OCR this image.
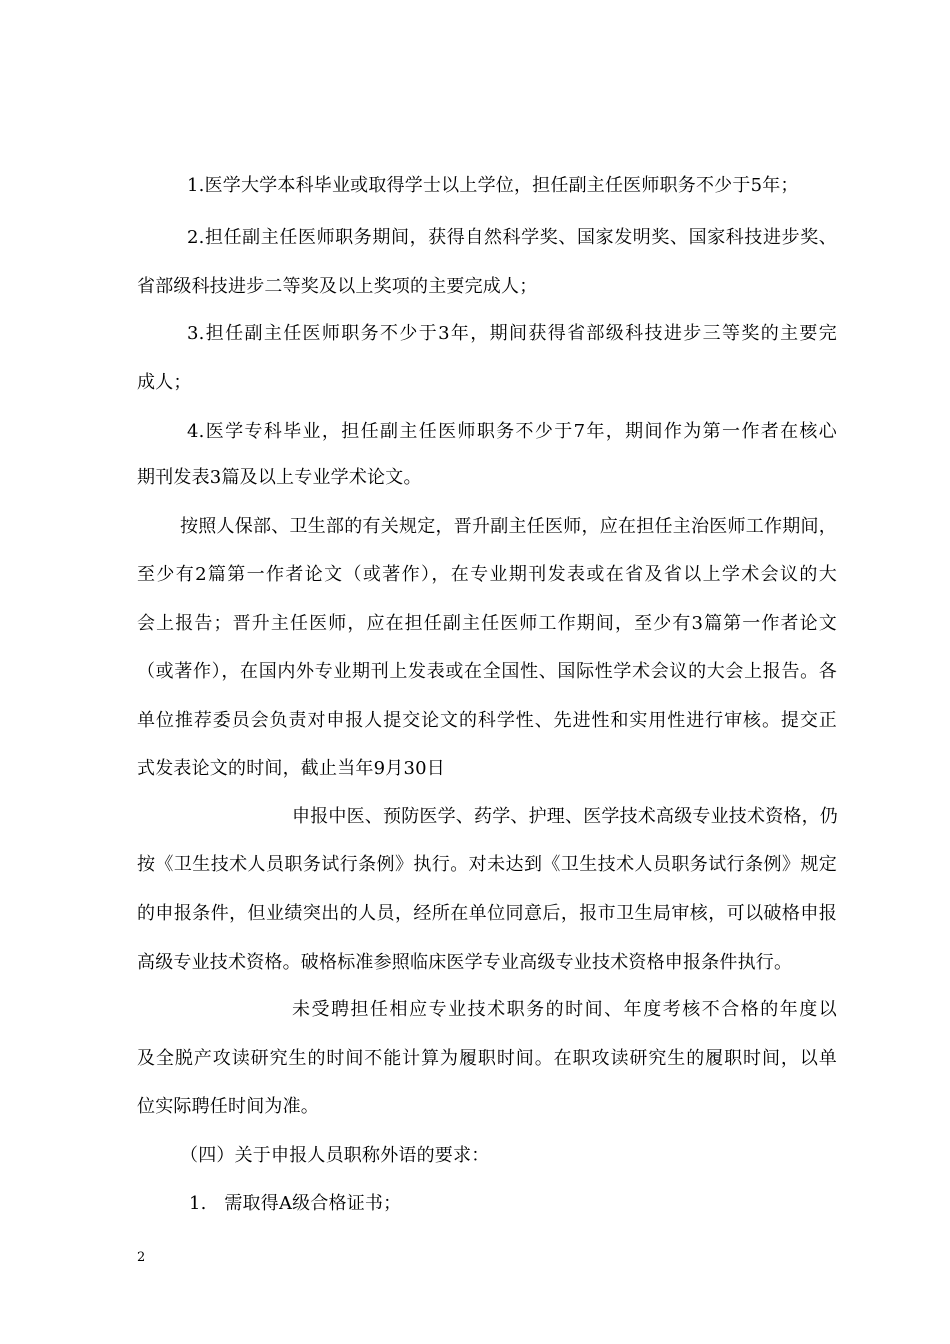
1.医学大学本科毕业或取得学士以上学位，担任副主任医师职务不少于5年；
2.担任副主任医师职务期间，获得自然科学奖、国家发明奖、国家科技进步奖、
省部级科技进步二等奖及以上奖项的主要完成人；
3.担任副主任医师职务不少于3年，期间获得省部级科技进步三等奖的主要完
成人；
4.医学专科毕业，担任副主任医师职务不少于7年，期间作为第一作者在核心
期刊发表3篇及以上专业学术论文。
按照人保部、卫生部的有关规定，晋升副主任医师，应在担任主治医师工作期间，
至少有2篇第一作者论文（或著作），在专业期刊发表或在省及省以上学术会议的大
会上报告；晋升主任医师，应在担任副主任医师工作期间，至少有3篇第一作者论文
（或著作），在国内外专业期刊上发表或在全国性、国际性学术会议的大会上报告。各
单位推荐委员会负责对申报人提交论文的科学性、先进性和实用性进行审核。提交正
式发表论文的时间，截止当年9月30日
申报中医、预防医学、药学、护理、医学技术高级专业技术资格，仍
按《卫生技术人员职务试行条例》执行。对未达到《卫生技术人员职务试行条例》规定
的申报条件，但业绩突出的人员，经所在单位同意后，报市卫生局审核，可以破格申报
高级专业技术资格。破格标准参照临床医学专业高级专业技术资格申报条件执行。
未受聘担任相应专业技术职务的时间、年度考核不合格的年度以
及全脱产攻读研究生的时间不能计算为履职时间。在职攻读研究生的履职时间，以单
位实际聘任时间为准。
（四）关于申报人员职称外语的要求：
1.   需取得A级合格证书；
2
